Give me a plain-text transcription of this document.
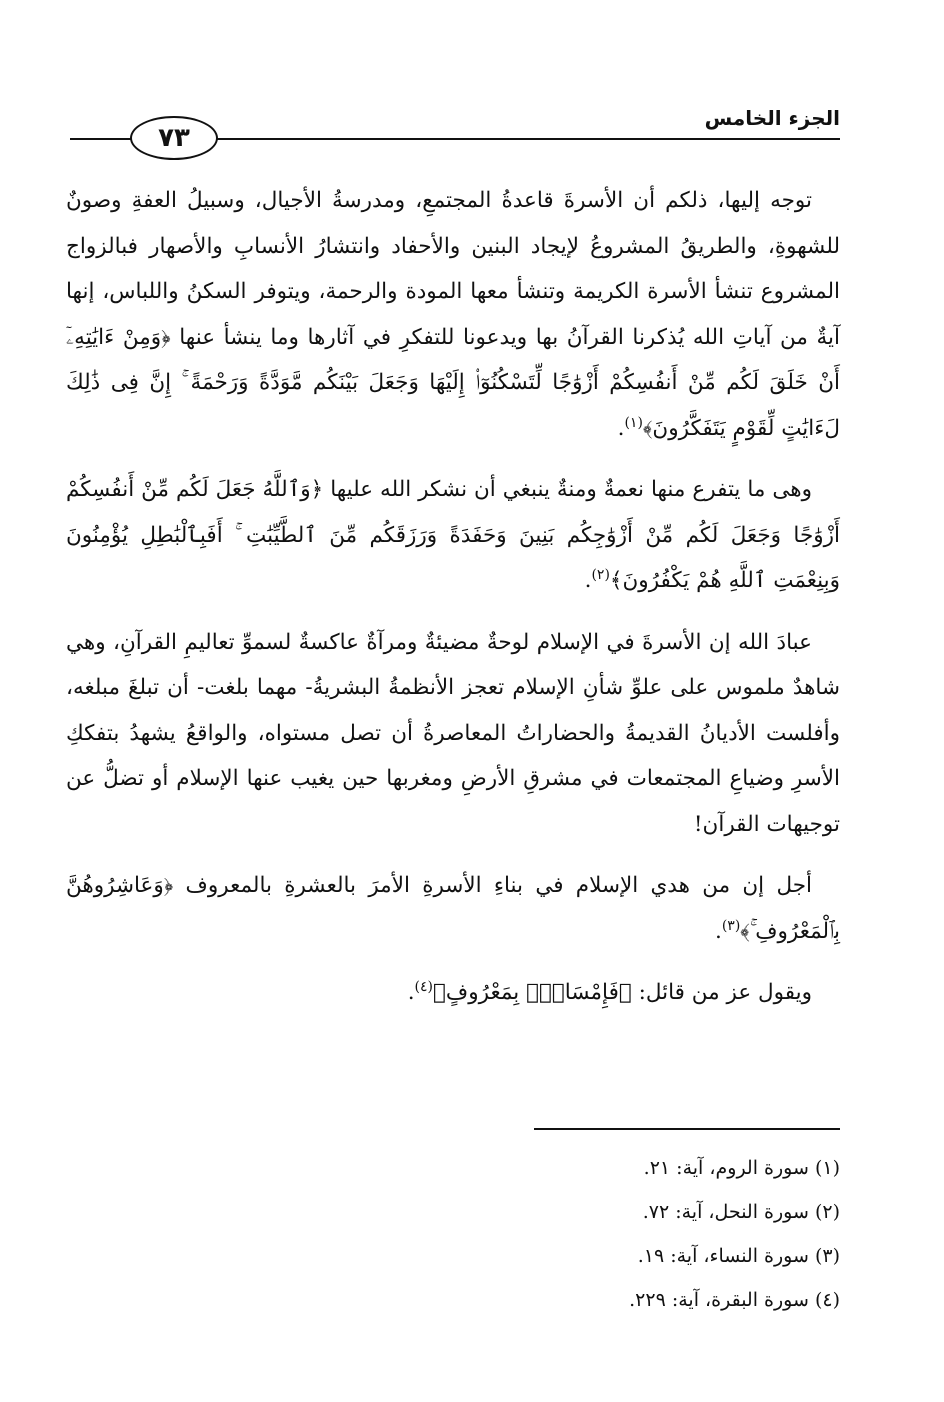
٧٣
الجزء الخامس

توجه إليها، ذلكم أن الأسرةَ قاعدةُ المجتمعِ، ومدرسةُ الأجيال، وسبيلُ العفةِ وصونٌ للشهوةِ، والطريقُ المشروعُ لإيجاد البنين والأحفاد وانتشارُ الأنسابِ والأصهار فبالزواج المشروع تنشأ الأسرة الكريمة وتنشأ معها المودة والرحمة، ويتوفر السكنُ واللباس، إنها آيةٌ من آياتِ الله يُذكرنا القرآنُ بها ويدعونا للتفكرِ في آثارها وما ينشأ عنها ﴿وَمِنْ ءَايَٰتِهِۦٓ أَنْ خَلَقَ لَكُم مِّنْ أَنفُسِكُمْ أَزْوَٰجًا لِّتَسْكُنُوٓا۟ إِلَيْهَا وَجَعَلَ بَيْنَكُم مَّوَدَّةً وَرَحْمَةً ۚ إِنَّ فِى ذَٰلِكَ لَءَايَٰتٍ لِّقَوْمٍ يَتَفَكَّرُونَ﴾$^{(١)}$.

وهى ما يتفرع منها نعمةٌ ومنةٌ ينبغي أن نشكر الله عليها ﴿وَٱللَّهُ جَعَلَ لَكُم مِّنْ أَنفُسِكُمْ أَزْوَٰجًا وَجَعَلَ لَكُم مِّنْ أَزْوَٰجِكُم بَنِينَ وَحَفَدَةً وَرَزَقَكُم مِّنَ ٱلطَّيِّبَٰتِ ۚ أَفَبِٱلْبَٰطِلِ يُؤْمِنُونَ وَبِنِعْمَتِ ٱللَّهِ هُمْ يَكْفُرُونَ﴾$^{(٢)}$.

عبادَ الله إن الأسرةَ في الإسلام لوحةٌ مضيئةٌ ومرآةٌ عاكسةٌ لسموِّ تعاليمِ القرآنِ، وهي شاهدٌ ملموس على علوِّ شأنِ الإسلام تعجز الأنظمةُ البشريةُ- مهما بلغت- أن تبلغَ مبلغه، وأفلست الأديانُ القديمةُ والحضاراتُ المعاصرةُ أن تصل مستواه، والواقعُ يشهدُ بتفككِ الأسرِ وضياعِ المجتمعات في مشرقِ الأرضِ ومغربها حين يغيب عنها الإسلام أو تضلُّ عن توجيهات القرآن!

أجل إن من هدي الإسلام في بناءِ الأسرةِ الأمرَ بالعشرةِ بالمعروف ﴿وَعَاشِرُوهُنَّ بِٱلْمَعْرُوفِ ۚ﴾$^{(٣)}$.

ويقول عز من قائل: ﴿فَإِمْسَاكٌۢ بِمَعْرُوفٍ﴾$^{(٤)}$.

(١) سورة الروم، آية: ٢١.
(٢) سورة النحل، آية: ٧٢.
(٣) سورة النساء، آية: ١٩.
(٤) سورة البقرة، آية: ٢٢٩.
